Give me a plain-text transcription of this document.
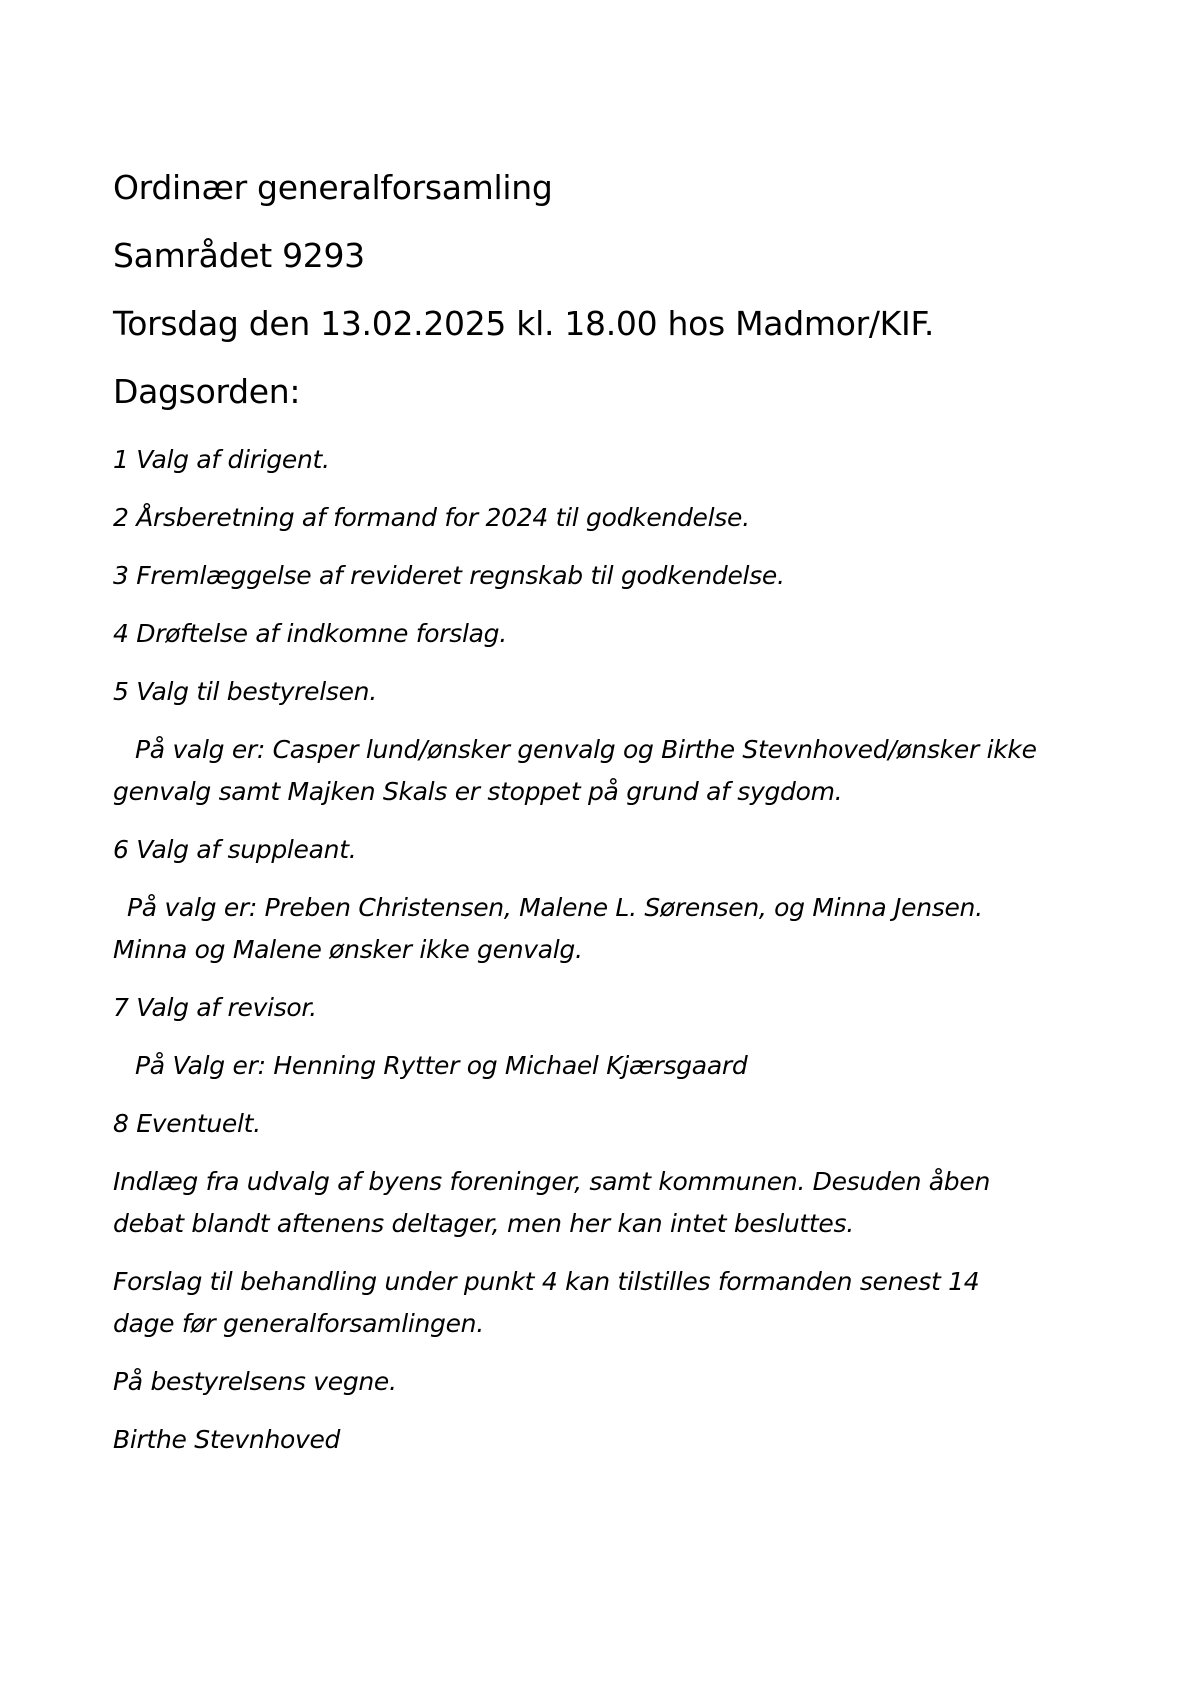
Ordinær generalforsamling
Samrådet 9293
Torsdag den 13.02.2025 kl. 18.00 hos Madmor/KIF.
Dagsorden:
1 Valg af dirigent.
2 Årsberetning af formand for 2024 til godkendelse.
3 Fremlæggelse af revideret regnskab til godkendelse.
4 Drøftelse af indkomne forslag.
5 Valg til bestyrelsen.
På valg er: Casper lund/ønsker genvalg og Birthe Stevnhoved/ønsker ikke
genvalg samt Majken Skals er stoppet på grund af sygdom.
6 Valg af suppleant.
På valg er: Preben Christensen, Malene L. Sørensen, og Minna Jensen.
Minna og Malene ønsker ikke genvalg.
7 Valg af revisor.
På Valg er: Henning Rytter og Michael Kjærsgaard
8 Eventuelt.
Indlæg fra udvalg af byens foreninger, samt kommunen. Desuden åben
debat blandt aftenens deltager, men her kan intet besluttes.
Forslag til behandling under punkt 4 kan tilstilles formanden senest 14
dage før generalforsamlingen.
På bestyrelsens vegne.
Birthe Stevnhoved
